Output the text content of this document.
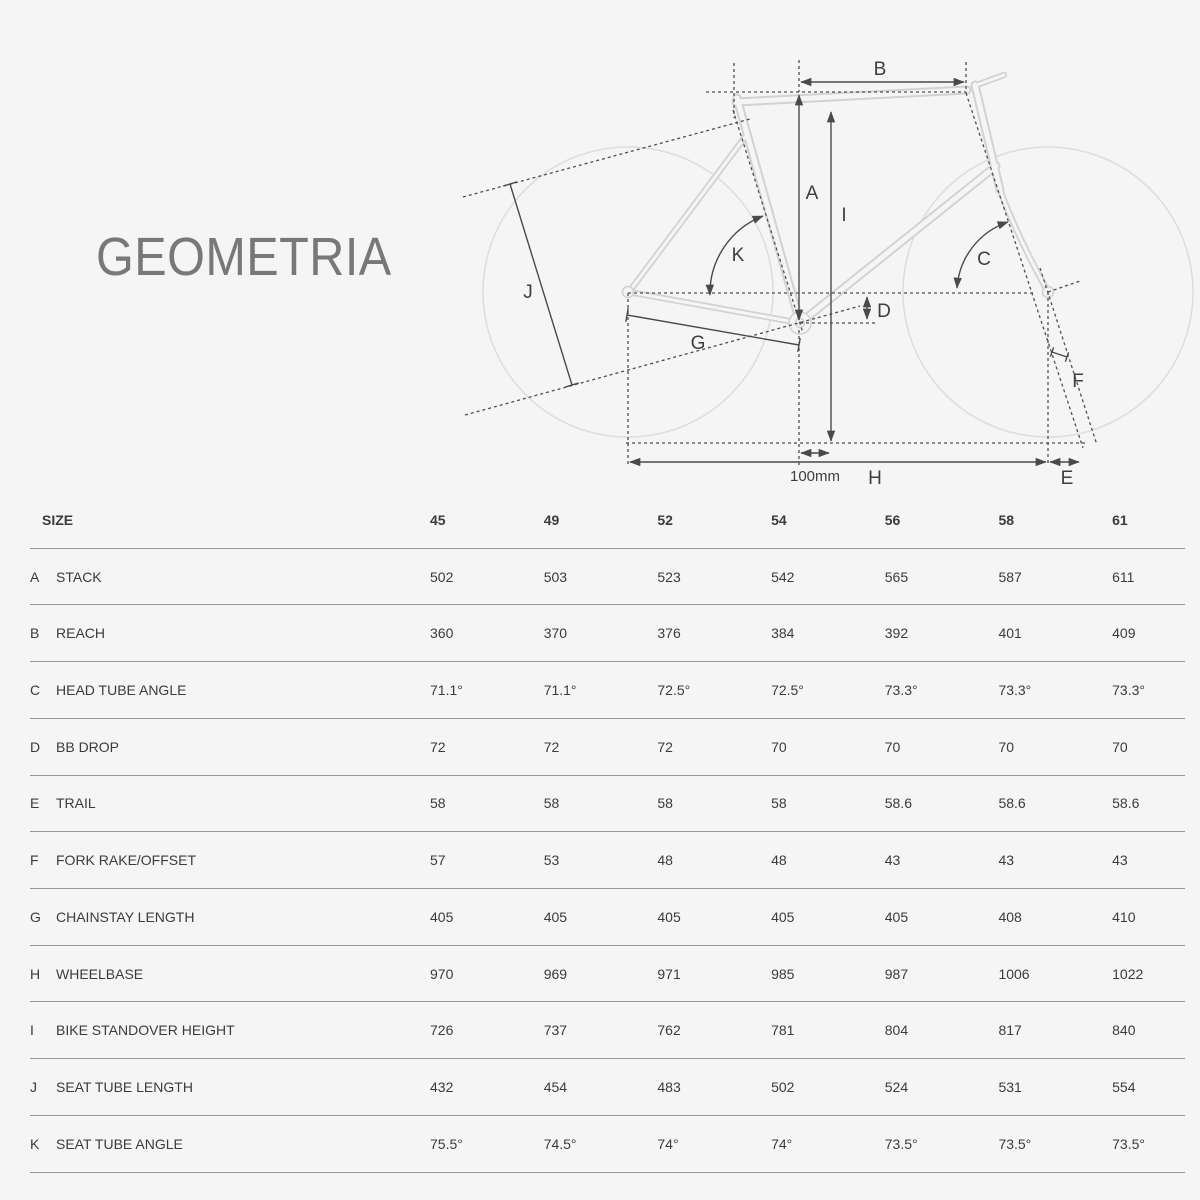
GEOMETRIA
B
A
I
K	C
J
D
G
F
100mm H	E
SIZE	45	49	52	54	56	58	61
A	STACK	502	503	523	542	565	587	611
B	REACH	360	370	376	384	392	401	409
C	HEAD TUBE ANGLE	71.1°	71.1°	72.5°	72.5°	73.3°	73.3°	73.3°
D	BB DROP	72	72	72	70	70	70	70
E	TRAIL	58	58	58	58	58.6	58.6	58.6
F	FORK RAKE/OFFSET	57	53	48	48	43	43	43
G	CHAINSTAY LENGTH	405	405	405	405	405	408	410
H	WHEELBASE	970	969	971	985	987	1006	1022
I	BIKE STANDOVER HEIGHT	726	737	762	781	804	817	840
J	SEAT TUBE LENGTH	432	454	483	502	524	531	554
K	SEAT TUBE ANGLE	75.5°	74.5°	74°	74°	73.5°	73.5°	73.5°
